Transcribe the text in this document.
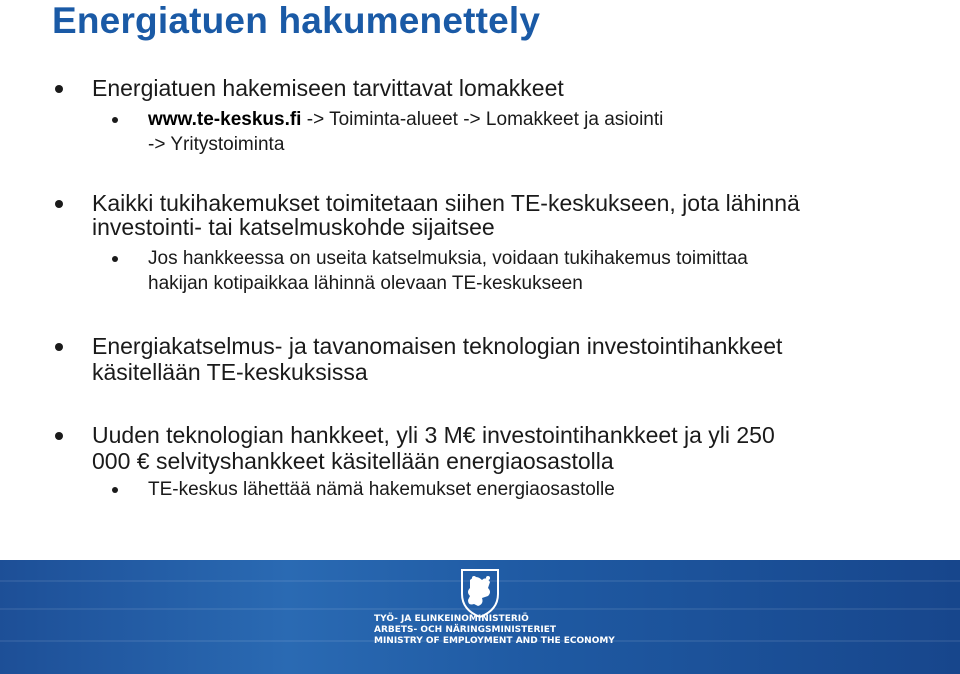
Energiatuen hakumenettely
Energiatuen hakemiseen tarvittavat lomakkeet
www.te-keskus.fi -> Toiminta-alueet -> Lomakkeet ja asiointi
-> Yritystoiminta
Kaikki tukihakemukset toimitetaan siihen TE-keskukseen, jota lähinnä
investointi- tai katselmuskohde sijaitsee
Jos hankkeessa on useita katselmuksia, voidaan tukihakemus toimittaa
hakijan kotipaikkaa lähinnä olevaan TE-keskukseen
Energiakatselmus- ja tavanomaisen teknologian investointihankkeet
käsitellään TE-keskuksissa
Uuden teknologian hankkeet, yli 3 M€ investointihankkeet ja yli 250
000 € selvityshankkeet käsitellään energiaosastolla
TE-keskus lähettää nämä hakemukset energiaosastolle
TYÖ- JA ELINKEINOMINISTERIÖ
ARBETS- OCH NÄRINGSMINISTERIET
MINISTRY OF EMPLOYMENT AND THE ECONOMY
